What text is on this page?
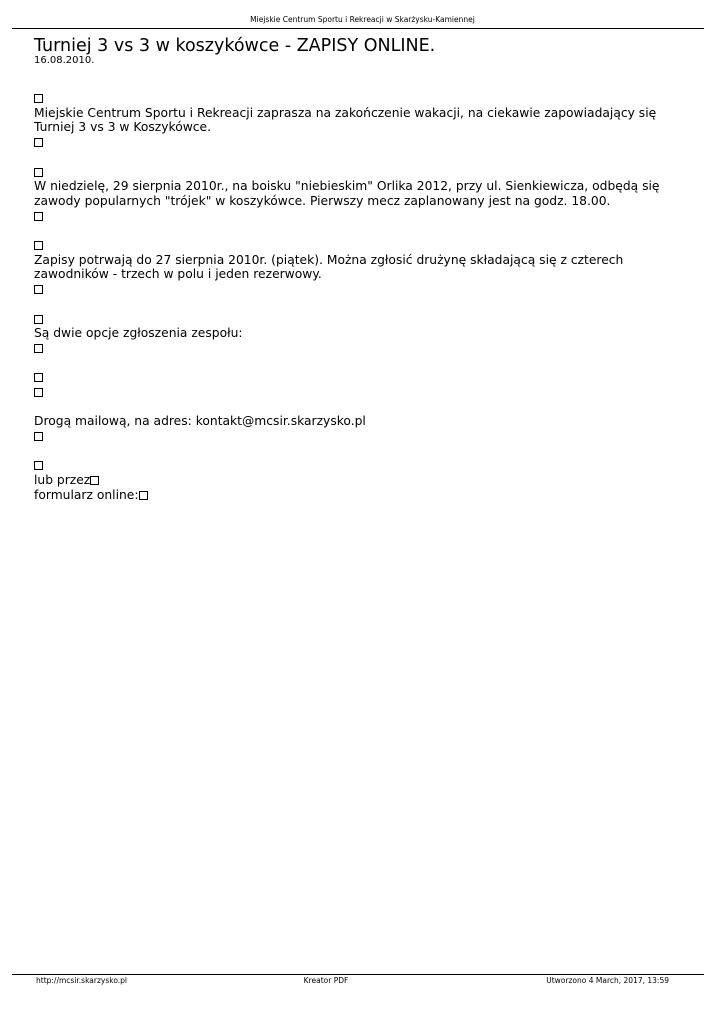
Miejskie Centrum Sportu i Rekreacji w Skarżysku-Kamiennej
Turniej 3 vs 3 w koszykówce - ZAPISY ONLINE.
16.08.2010.
Miejskie Centrum Sportu i Rekreacji zaprasza na zakończenie wakacji, na ciekawie zapowiadający się
Turniej 3 vs 3 w Koszykówce.
W niedzielę, 29 sierpnia 2010r., na boisku "niebieskim" Orlika 2012, przy ul. Sienkiewicza, odbędą się
zawody popularnych "trójek" w koszykówce. Pierwszy mecz zaplanowany jest na godz. 18.00.
Zapisy potrwają do 27 sierpnia 2010r. (piątek). Można zgłosić drużynę składającą się z czterech
zawodników - trzech w polu i jeden rezerwowy.
Są dwie opcje zgłoszenia zespołu:
Drogą mailową, na adres: kontakt@mcsir.skarzysko.pl
lub przez
formularz online:
http://mcsir.skarzysko.pl	Kreator PDF	Utworzono 4 March, 2017, 13:59
